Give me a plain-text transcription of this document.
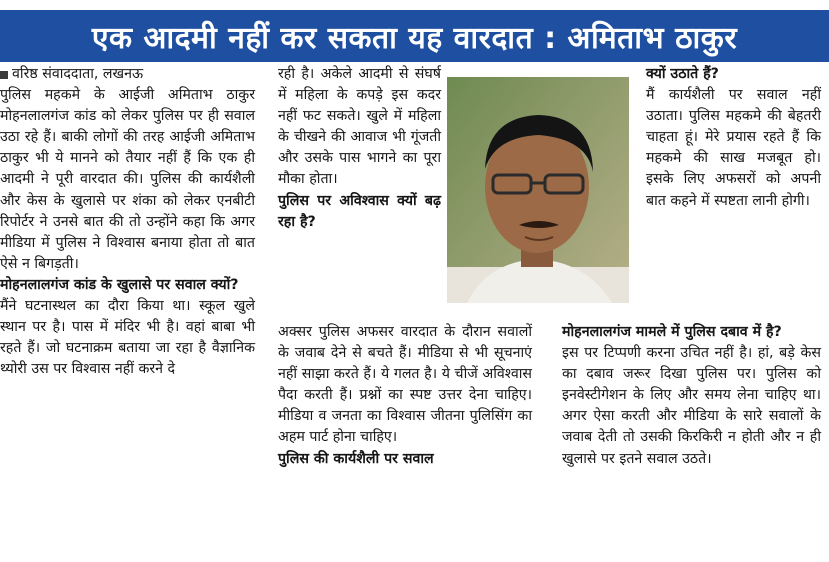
एक आदमी नहीं कर सकता यह वारदात : अमिताभ ठाकुर
वरिष्ठ संवाददाता, लखनऊ

पुलिस महकमे के आईजी अमिताभ ठाकुर मोहनलालगंज कांड को लेकर पुलिस पर ही सवाल उठा रहे हैं। बाकी लोगों की तरह आईजी अमिताभ ठाकुर भी ये मानने को तैयार नहीं हैं कि एक ही आदमी ने पूरी वारदात की। पुलिस की कार्यशैली और केस के खुलासे पर शंका को लेकर एनबीटी रिपोर्टर ने उनसे बात की तो उन्होंने कहा कि अगर मीडिया में पुलिस ने विश्वास बनाया होता तो बात ऐसे न बिगड़ती।

मोहनलालगंज कांड के खुलासे पर सवाल क्यों?

मैंने घटनास्थल का दौरा किया था। स्कूल खुले स्थान पर है। पास में मंदिर भी है। वहां बाबा भी रहते हैं। जो घटनाक्रम बताया जा रहा है वैज्ञानिक थ्योरी उस पर विश्वास नहीं करने दे

रही है। अकेले आदमी से संघर्ष में महिला के कपड़े इस कदर नहीं फट सकते। खुले में महिला के चीखने की आवाज भी गूंजती और उसके पास भागने का पूरा मौका होता।

पुलिस पर अविश्वास क्यों बढ़ रहा है?

अक्सर पुलिस अफसर वारदात के दौरान सवालों के जवाब देने से बचते हैं। मीडिया से भी सूचनाएं नहीं साझा करते हैं। ये गलत है। ये चीजें अविश्वास पैदा करती हैं। प्रश्नों का स्पष्ट उत्तर देना चाहिए। मीडिया व जनता का विश्वास जीतना पुलिसिंग का अहम पार्ट होना चाहिए।

पुलिस की कार्यशैली पर सवाल

क्यों उठाते हैं?

मैं कार्यशैली पर सवाल नहीं उठाता। पुलिस महकमे की बेहतरी चाहता हूं। मेरे प्रयास रहते हैं कि महकमे की साख मजबूत हो। इसके लिए अफसरों को अपनी बात कहने में स्पष्टता लानी होगी।

मोहनलालगंज मामले में पुलिस दबाव में है?

इस पर टिप्पणी करना उचित नहीं है। हां, बड़े केस का दबाव जरूर दिखा पुलिस पर। पुलिस को इनवेस्टीगेशन के लिए और समय लेना चाहिए था। अगर ऐसा करती और मीडिया के सारे सवालों के जवाब देती तो उसकी किरकिरी न होती और न ही खुलासे पर इतने सवाल उठते।
